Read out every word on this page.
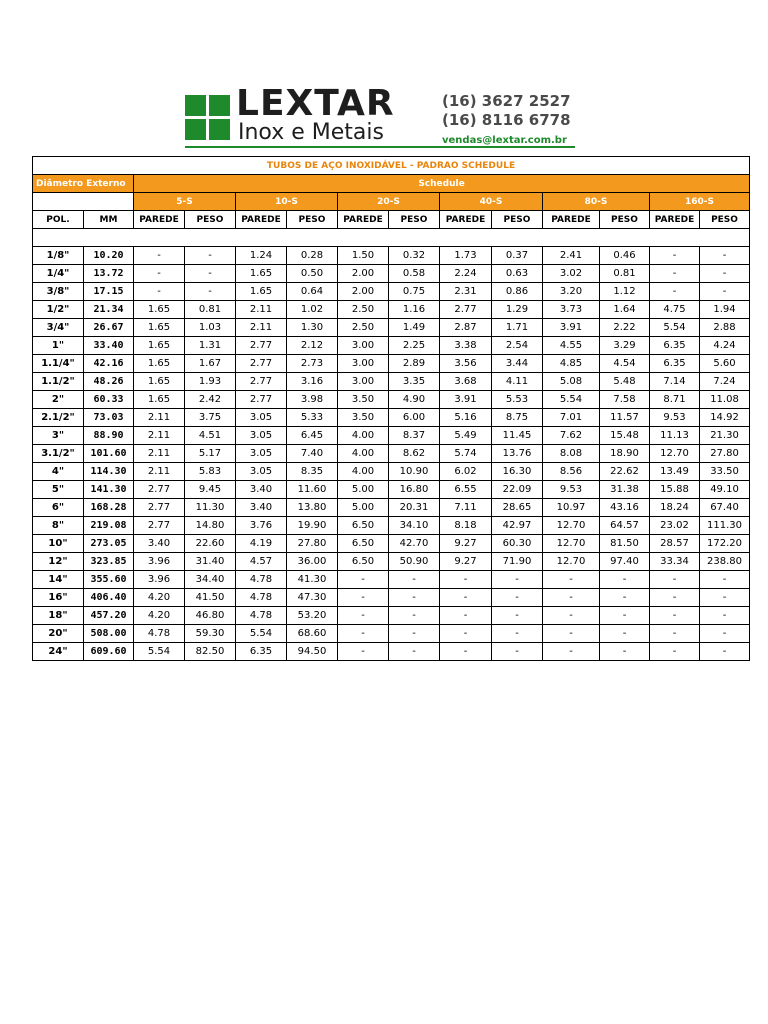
LEXTAR
Inox e Metais
(16) 3627 2527
(16) 8116 6778
vendas@lextar.com.br
TUBOS DE AÇO INOXIDÁVEL - PADRAO SCHEDULE													
Diâmetro Externo		Schedule											
		5-S		10-S		20-S		40-S		80-S		160-S	
POL.	MM	PAREDE	PESO	PAREDE	PESO	PAREDE	PESO	PAREDE	PESO	PAREDE	PESO	PAREDE	PESO

1/8"	10.20	-	-	1.24	0.28	1.50	0.32	1.73	0.37	2.41	0.46	-	-
1/4"	13.72	-	-	1.65	0.50	2.00	0.58	2.24	0.63	3.02	0.81	-	-
3/8"	17.15	-	-	1.65	0.64	2.00	0.75	2.31	0.86	3.20	1.12	-	-
1/2"	21.34	1.65	0.81	2.11	1.02	2.50	1.16	2.77	1.29	3.73	1.64	4.75	1.94
3/4"	26.67	1.65	1.03	2.11	1.30	2.50	1.49	2.87	1.71	3.91	2.22	5.54	2.88
1"	33.40	1.65	1.31	2.77	2.12	3.00	2.25	3.38	2.54	4.55	3.29	6.35	4.24
1.1/4"	42.16	1.65	1.67	2.77	2.73	3.00	2.89	3.56	3.44	4.85	4.54	6.35	5.60
1.1/2"	48.26	1.65	1.93	2.77	3.16	3.00	3.35	3.68	4.11	5.08	5.48	7.14	7.24
2"	60.33	1.65	2.42	2.77	3.98	3.50	4.90	3.91	5.53	5.54	7.58	8.71	11.08
2.1/2"	73.03	2.11	3.75	3.05	5.33	3.50	6.00	5.16	8.75	7.01	11.57	9.53	14.92
3"	88.90	2.11	4.51	3.05	6.45	4.00	8.37	5.49	11.45	7.62	15.48	11.13	21.30
3.1/2"	101.60	2.11	5.17	3.05	7.40	4.00	8.62	5.74	13.76	8.08	18.90	12.70	27.80
4"	114.30	2.11	5.83	3.05	8.35	4.00	10.90	6.02	16.30	8.56	22.62	13.49	33.50
5"	141.30	2.77	9.45	3.40	11.60	5.00	16.80	6.55	22.09	9.53	31.38	15.88	49.10
6"	168.28	2.77	11.30	3.40	13.80	5.00	20.31	7.11	28.65	10.97	43.16	18.24	67.40
8"	219.08	2.77	14.80	3.76	19.90	6.50	34.10	8.18	42.97	12.70	64.57	23.02	111.30
10"	273.05	3.40	22.60	4.19	27.80	6.50	42.70	9.27	60.30	12.70	81.50	28.57	172.20
12"	323.85	3.96	31.40	4.57	36.00	6.50	50.90	9.27	71.90	12.70	97.40	33.34	238.80
14"	355.60	3.96	34.40	4.78	41.30	-	-	-	-	-	-	-	-
16"	406.40	4.20	41.50	4.78	47.30	-	-	-	-	-	-	-	-
18"	457.20	4.20	46.80	4.78	53.20	-	-	-	-	-	-	-	-
20"	508.00	4.78	59.30	5.54	68.60	-	-	-	-	-	-	-	-
24"	609.60	5.54	82.50	6.35	94.50	-	-	-	-	-	-	-	-
